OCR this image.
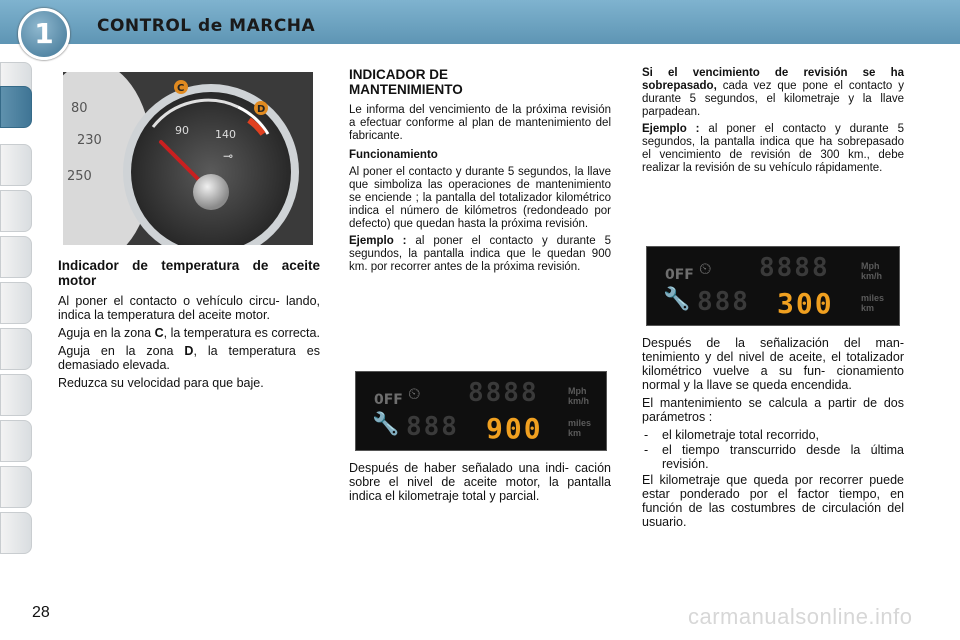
CONTROL de MARCHA
1
80
230
250
C
D
90 140
⊸
Indicador de temperatura de aceite motor

Al poner el contacto o vehículo circu- lando, indica la temperatura del aceite motor.

Aguja en la zona C, la temperatura es correcta.

Aguja en la zona D, la temperatura es demasiado elevada.

Reduzca su velocidad para que baje.

INDICADOR DE MANTENIMIENTO

Le informa del vencimiento de la próxima revisión a efectuar conforme al plan de mantenimiento del fabricante.

Funcionamiento

Al poner el contacto y durante 5 segundos, la llave que simboliza las operaciones de mantenimiento se enciende ; la pantalla del totalizador kilométrico indica el número de kilómetros (redondeado por defecto) que quedan hasta la próxima revisión.

Ejemplo : al poner el contacto y durante 5 segundos, la pantalla indica que le quedan 900 km. por recorrer antes de la próxima revisión.

0FF ⏲ 8888	Mph
km/h
🔧 888 900	miles
km

Después de haber señalado una indi- cación sobre el nivel de aceite motor, la pantalla indica el kilometraje total y parcial.

Si el vencimiento de revisión se ha sobrepasado, cada vez que pone el contacto y durante 5 segundos, el kilometraje y la llave parpadean.

Ejemplo : al poner el contacto y durante 5 segundos, la pantalla indica que ha sobrepasado el vencimiento de revisión de 300 km., debe realizar la revisión de su vehículo rápidamente.

0FF ⏲ 8888	Mph
km/h
🔧 888 300	miles
km

Después de la señalización del man- tenimiento y del nivel de aceite, el totalizador kilométrico vuelve a su fun- cionamiento normal y la llave se queda encendida.

El mantenimiento se calcula a partir de dos parámetros :

- el kilometraje total recorrido,
- el tiempo transcurrido desde la última revisión.

El kilometraje que queda por recorrer puede estar ponderado por el factor tiempo, en función de las costumbres de circulación del usuario.

28	carmanualsonline.info
